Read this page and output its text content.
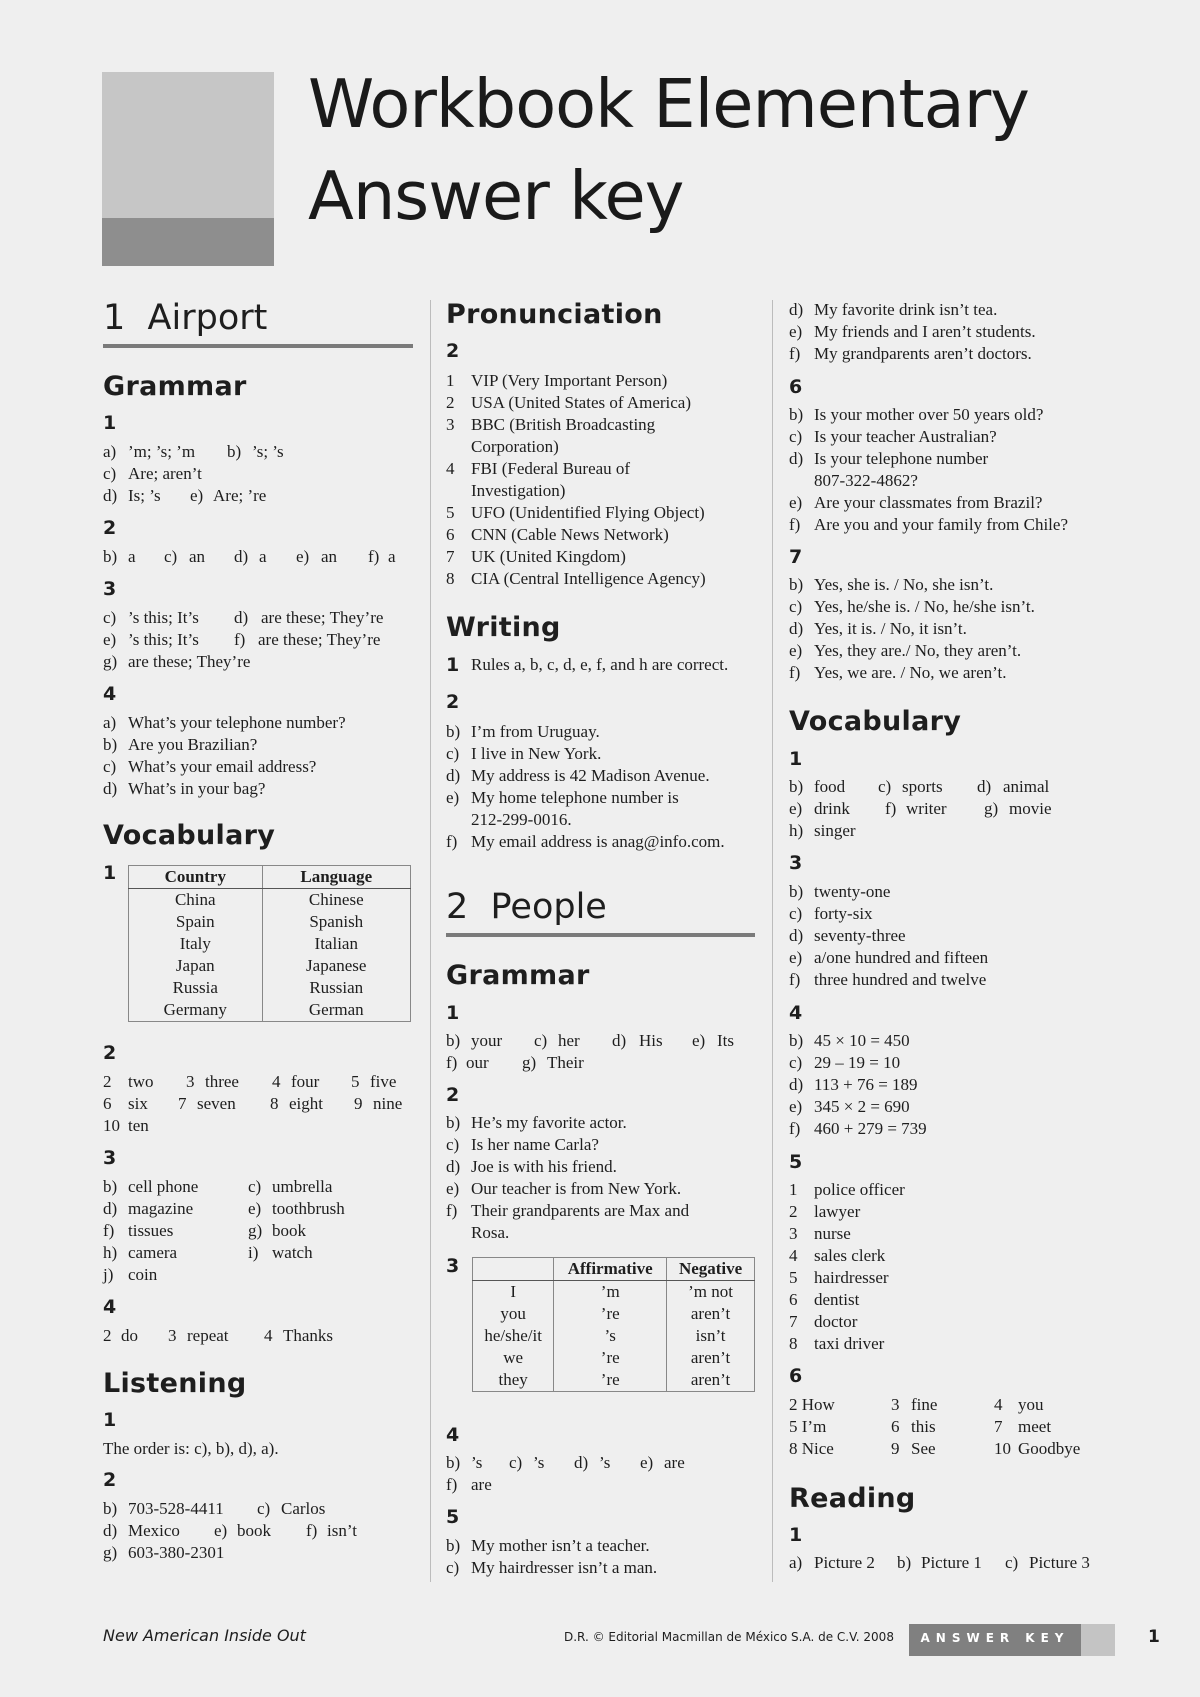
Workbook Elementary
Answer key
1 Airport
Grammar
1
a) ’m; ’s; ’m b) ’s; ’s
c) Are; aren’t
d) Is; ’s e) Are; ’re
2
b) a c) an d) a e) an f) a
3
c) ’s this; It’s d) are these; They’re
e) ’s this; It’s f) are these; They’re
g) are these; They’re
4
a) What’s your telephone number?
b) Are you Brazilian?
c) What’s your email address?
d) What’s in your bag?
Vocabulary
1	Country	Language
China	Chinese
Spain	Spanish
Italy	Italian
Japan	Japanese
Russia	Russian
Germany	German
2
2 two 3 three 4 four 5 five
6 six 7 seven 8 eight 9 nine
10 ten
3
b) cell phone	c) umbrella
d) magazine	e) toothbrush
f) tissues	g) book
h) camera	i) watch
j) coin
4
2 do 3 repeat 4 Thanks
Listening
1
The order is: c), b), d), a).
2
b) 703-528-4411 c) Carlos
d) Mexico e) book f) isn’t
g) 603-380-2301
Pronunciation
2
1 VIP (Very Important Person)
2 USA (United States of America)
3 BBC (British Broadcasting
Corporation)
4 FBI (Federal Bureau of
Investigation)
5 UFO (Unidentified Flying Object)
6 CNN (Cable News Network)
7 UK (United Kingdom)
8 CIA (Central Intelligence Agency)
Writing
1 Rules a, b, c, d, e, f, and h are correct.
2
b) I’m from Uruguay.
c) I live in New York.
d) My address is 42 Madison Avenue.
e) My home telephone number is
212-299-0016.
f) My email address is anag@info.com.
2 People
Grammar
1
b) your c) her d) His e) Its
f) our g) Their
2
b) He’s my favorite actor.
c) Is her name Carla?
d) Joe is with his friend.
e) Our teacher is from New York.
f) Their grandparents are Max and
Rosa.
3
		Affirmative	Negative
I	’m	’m not
you	’re	aren’t
he/she/it	’s	isn’t
we	’re	aren’t
they	’re	aren’t
4
b) ’s c) ’s d) ’s e) are
f) are
5
b) My mother isn’t a teacher.
c) My hairdresser isn’t a man.
d) My favorite drink isn’t tea.
e) My friends and I aren’t students.
f) My grandparents aren’t doctors.
6
b) Is your mother over 50 years old?
c) Is your teacher Australian?
d) Is your telephone number
807-322-4862?
e) Are your classmates from Brazil?
f) Are you and your family from Chile?
7
b) Yes, she is. / No, she isn’t.
c) Yes, he/she is. / No, he/she isn’t.
d) Yes, it is. / No, it isn’t.
e) Yes, they are./ No, they aren’t.
f) Yes, we are. / No, we aren’t.
Vocabulary
1
b) food c) sports d) animal
e) drink f) writer g) movie
h) singer
3
b) twenty-one
c) forty-six
d) seventy-three
e) a/one hundred and fifteen
f) three hundred and twelve
4
b) 45 × 10 = 450
c) 29 – 19 = 10
d) 113 + 76 = 189
e) 345 × 2 = 690
f) 460 + 279 = 739
5
1 police officer
2 lawyer
3 nurse
4 sales clerk
5 hairdresser
6 dentist
7 doctor
8 taxi driver
6
2 How	3 fine	4 you
5 I’m	6 this	7 meet
8 Nice	9 See	10 Goodbye
Reading
1
a) Picture 2 b) Picture 1 c) Picture 3
New American Inside Out	D.R. © Editorial Macmillan de México S.A. de C.V. 2008	ANSWER KEY	1
